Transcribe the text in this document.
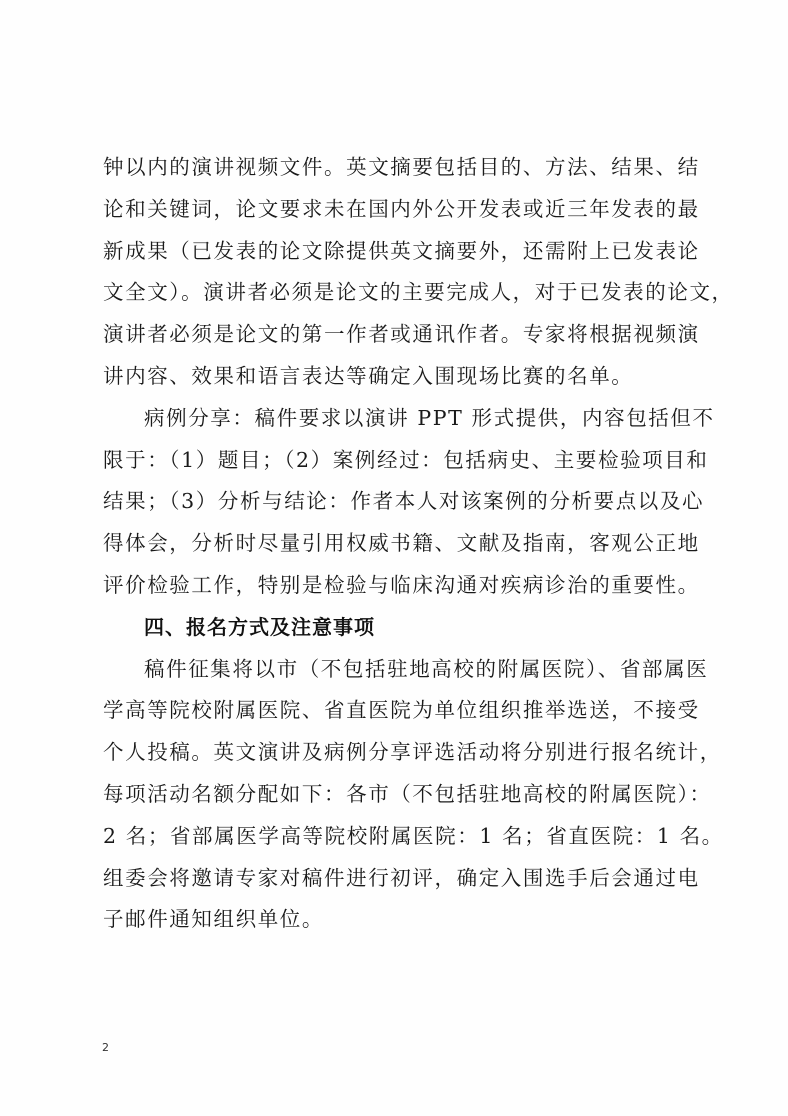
钟以内的演讲视频文件。英文摘要包括目的、方法、结果、结
论和关键词，论文要求未在国内外公开发表或近三年发表的最
新成果（已发表的论文除提供英文摘要外，还需附上已发表论
文全文）。演讲者必须是论文的主要完成人，对于已发表的论文，
演讲者必须是论文的第一作者或通讯作者。专家将根据视频演
讲内容、效果和语言表达等确定入围现场比赛的名单。
病例分享：稿件要求以演讲 PPT 形式提供，内容包括但不
限于：（1）题目；（2）案例经过：包括病史、主要检验项目和
结果；（3）分析与结论：作者本人对该案例的分析要点以及心
得体会，分析时尽量引用权威书籍、文献及指南，客观公正地
评价检验工作，特别是检验与临床沟通对疾病诊治的重要性。
四、报名方式及注意事项
稿件征集将以市（不包括驻地高校的附属医院）、省部属医
学高等院校附属医院、省直医院为单位组织推举选送，不接受
个人投稿。英文演讲及病例分享评选活动将分别进行报名统计，
每项活动名额分配如下：各市（不包括驻地高校的附属医院）：
2 名；省部属医学高等院校附属医院：1 名；省直医院：1 名。
组委会将邀请专家对稿件进行初评，确定入围选手后会通过电
子邮件通知组织单位。
2
